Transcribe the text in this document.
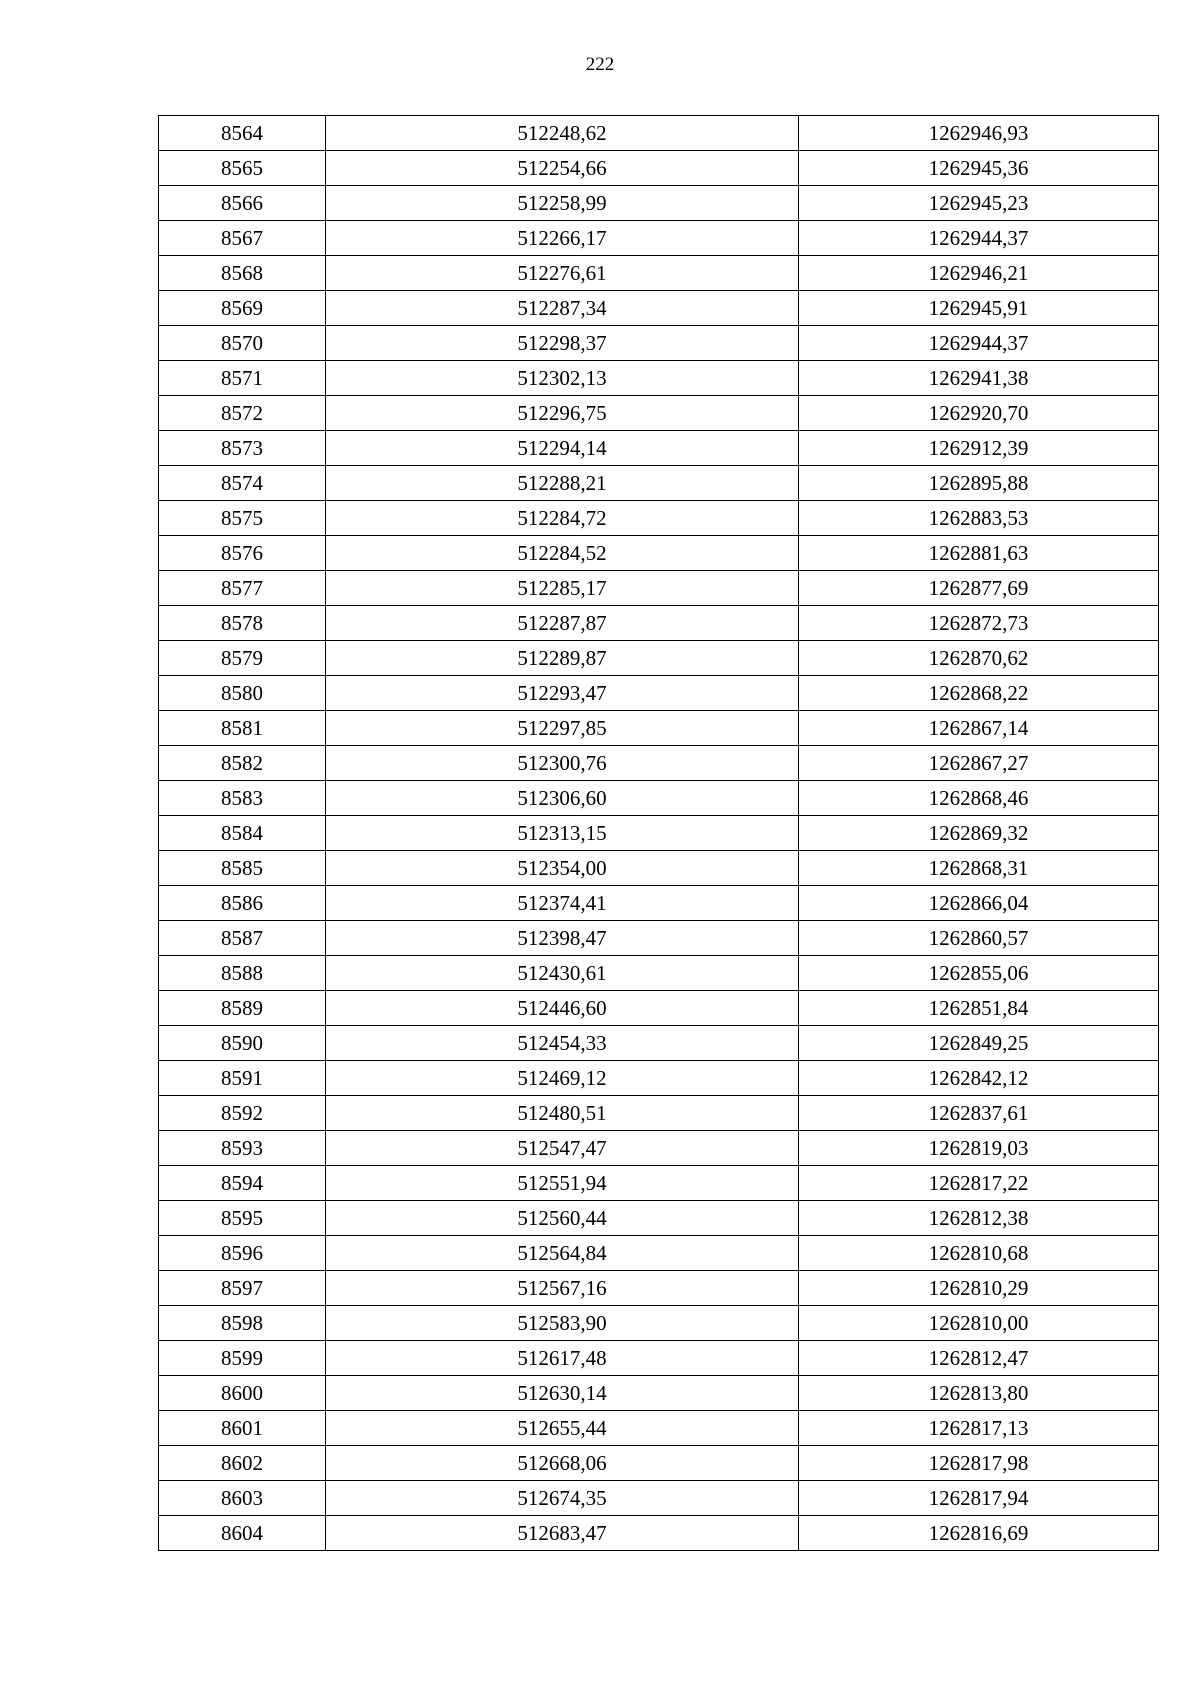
222
8564	512248,62	1262946,93
8565	512254,66	1262945,36
8566	512258,99	1262945,23
8567	512266,17	1262944,37
8568	512276,61	1262946,21
8569	512287,34	1262945,91
8570	512298,37	1262944,37
8571	512302,13	1262941,38
8572	512296,75	1262920,70
8573	512294,14	1262912,39
8574	512288,21	1262895,88
8575	512284,72	1262883,53
8576	512284,52	1262881,63
8577	512285,17	1262877,69
8578	512287,87	1262872,73
8579	512289,87	1262870,62
8580	512293,47	1262868,22
8581	512297,85	1262867,14
8582	512300,76	1262867,27
8583	512306,60	1262868,46
8584	512313,15	1262869,32
8585	512354,00	1262868,31
8586	512374,41	1262866,04
8587	512398,47	1262860,57
8588	512430,61	1262855,06
8589	512446,60	1262851,84
8590	512454,33	1262849,25
8591	512469,12	1262842,12
8592	512480,51	1262837,61
8593	512547,47	1262819,03
8594	512551,94	1262817,22
8595	512560,44	1262812,38
8596	512564,84	1262810,68
8597	512567,16	1262810,29
8598	512583,90	1262810,00
8599	512617,48	1262812,47
8600	512630,14	1262813,80
8601	512655,44	1262817,13
8602	512668,06	1262817,98
8603	512674,35	1262817,94
8604	512683,47	1262816,69
